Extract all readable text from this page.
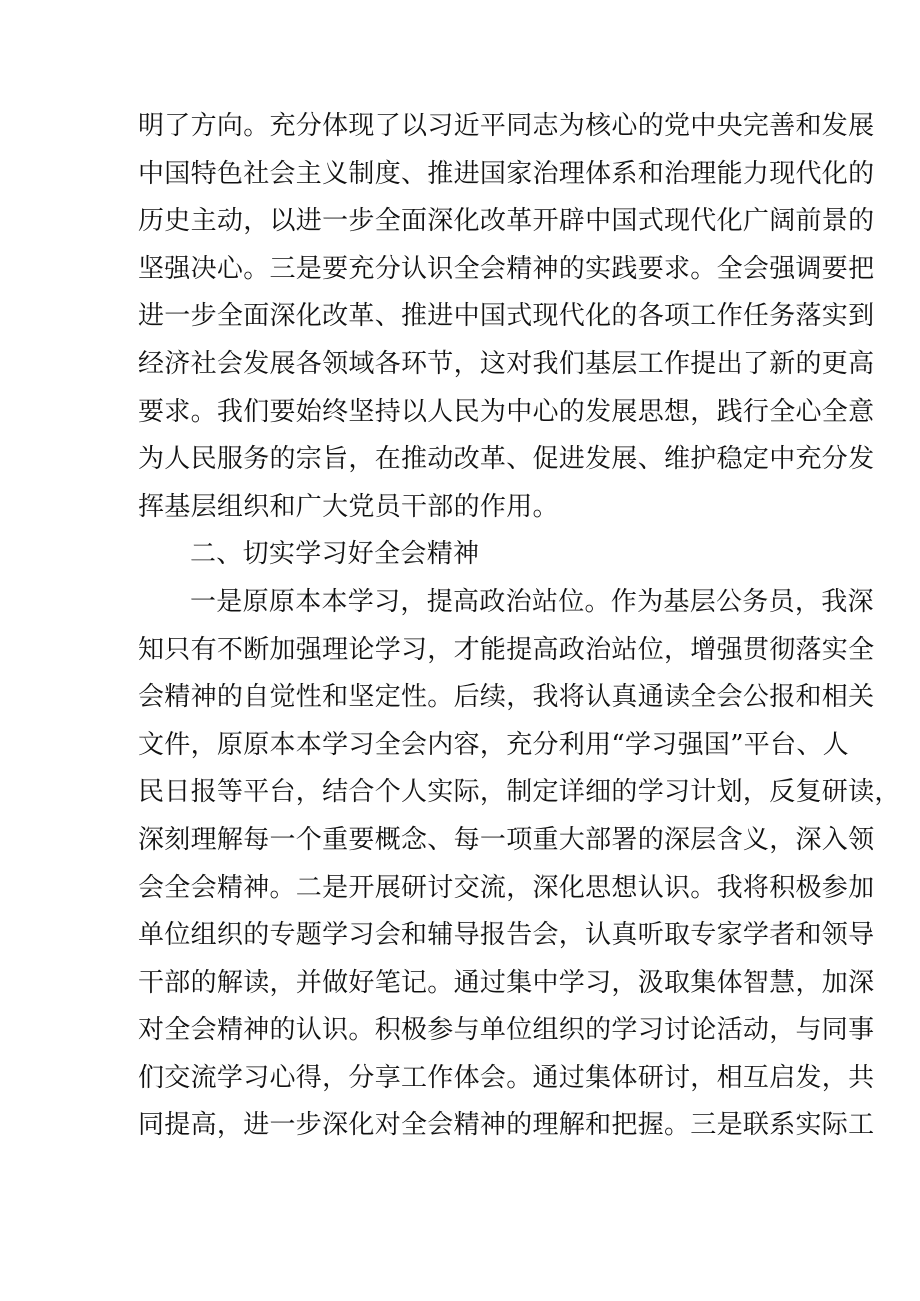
明了方向。充分体现了以习近平同志为核心的党中央完善和发展
中国特色社会主义制度、推进国家治理体系和治理能力现代化的
历史主动，以进一步全面深化改革开辟中国式现代化广阔前景的
坚强决心。三是要充分认识全会精神的实践要求。全会强调要把
进一步全面深化改革、推进中国式现代化的各项工作任务落实到
经济社会发展各领域各环节，这对我们基层工作提出了新的更高
要求。我们要始终坚持以人民为中心的发展思想，践行全心全意
为人民服务的宗旨，在推动改革、促进发展、维护稳定中充分发
挥基层组织和广大党员干部的作用。
二、切实学习好全会精神
一是原原本本学习，提高政治站位。作为基层公务员，我深
知只有不断加强理论学习，才能提高政治站位，增强贯彻落实全
会精神的自觉性和坚定性。后续，我将认真通读全会公报和相关
文件，原原本本学习全会内容，充分利用“学习强国”平台、人
民日报等平台，结合个人实际，制定详细的学习计划，反复研读，
深刻理解每一个重要概念、每一项重大部署的深层含义，深入领
会全会精神。二是开展研讨交流，深化思想认识。我将积极参加
单位组织的专题学习会和辅导报告会，认真听取专家学者和领导
干部的解读，并做好笔记。通过集中学习，汲取集体智慧，加深
对全会精神的认识。积极参与单位组织的学习讨论活动，与同事
们交流学习心得，分享工作体会。通过集体研讨，相互启发，共
同提高，进一步深化对全会精神的理解和把握。三是联系实际工
